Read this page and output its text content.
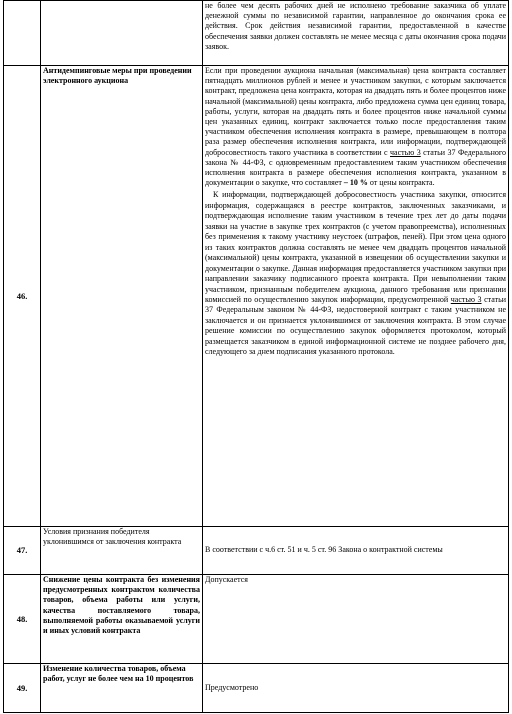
		не более чем десять рабочих дней не исполнено требование заказчика об уплате денежной суммы по независимой гарантии, направленное до окончания срока ее действия. Срок действия независимой гарантии, предоставленной в качестве обеспечения заявки должен составлять не менее месяца с даты окончания срока подачи заявок.
46.	Антидемпинговые меры при проведении электронного аукциона	Если при проведении аукциона начальная (максимальная) цена контракта составляет пятнадцать миллионов рублей и менее и участником закупки, с которым заключается контракт, предложена цена контракта, которая на двадцать пять и более процентов ниже начальной (максимальной) цены контракта, либо предложена сумма цен единиц товара, работы, услуги, которая на двадцать пять и более процентов ниже начальной суммы цен указанных единиц, контракт заключается только после предоставления таким участником обеспечения исполнения контракта в размере, превышающем в полтора раза размер обеспечения исполнения контракта, или информации, подтверждающей добросовестность такого участника в соответствии с частью 3 статьи 37 Федерального закона № 44-ФЗ, с одновременным предоставлением таким участником обеспечения исполнения контракта в размере обеспечения исполнения контракта, указанном в документации о закупке, что составляет – 10 % от цены контракта.
К информации, подтверждающей добросовестность участника закупки, относится информация, содержащаяся в реестре контрактов, заключенных заказчиками, и подтверждающая исполнение таким участником в течение трех лет до даты подачи заявки на участие в закупке трех контрактов (с учетом правопреемства), исполненных без применения к такому участнику неустоек (штрафов, пеней). При этом цена одного из таких контрактов должна составлять не менее чем двадцать процентов начальной (максимальной) цены контракта, указанной в извещении об осуществлении закупки и документации о закупке. Данная информация предоставляется участником закупки при направлении заказчику подписанного проекта контракта. При невыполнении таким участником, признанным победителем аукциона, данного требования или признании комиссией по осуществлению закупок информации, предусмотренной частью 3 статьи 37 Федеральным законом № 44-ФЗ, недостоверной контракт с таким участником не заключается и он признается уклонившимся от заключения контракта. В этом случае решение комиссии по осуществлению закупок оформляется протоколом, который размещается заказчиком в единой информационной системе не позднее рабочего дня, следующего за днем подписания указанного протокола.

47.	Условия признания победителя уклонившимся от заключения контракта	В соответствии с ч.6 ст. 51 и ч. 5 ст. 96 Закона о контрактной системы
48.	Снижение цены контракта без изменения предусмотренных контрактом количества товаров, объема работы или услуги, качества поставляемого товара, выполняемой работы оказываемой услуги и иных условий контракта	Допускается
49.	Изменение количества товаров, объема работ, услуг не более чем на 10 процентов	Предусмотрено
